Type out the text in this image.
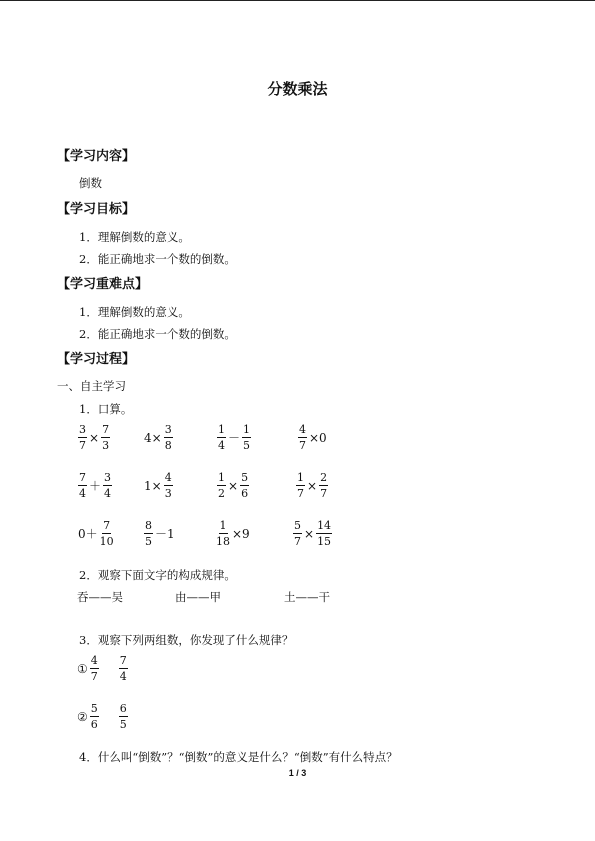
分数乘法
【学习内容】
倒数
【学习目标】
1．理解倒数的意义。
2．能正确地求一个数的倒数。
【学习重难点】
1．理解倒数的意义。
2．能正确地求一个数的倒数。
【学习过程】
一、自主学习
1．口算。
$\frac{3}{7} \times \frac{7}{3}$	$4\times \frac{3}{8}$	$\frac{1}{4} - \frac{1}{5}$	$\frac{4}{7} \times 0$
$\frac{7}{4} + \frac{3}{4}$	$1\times \frac{4}{3}$	$\frac{1}{2} \times \frac{5}{6}$	$\frac{1}{7} \times \frac{2}{7}$
$0+ \frac{7}{10}$	$\frac{8}{5} -1$	$\frac{1}{18} \times 9$	$\frac{5}{7} \times \frac{14}{15}$
2．观察下面文字的构成规律。
吞——吴	由——甲	土——干
3．观察下列两组数，你发现了什么规律？
① $\frac{4}{7} \frac{7}{4}$
② $\frac{5}{6} \frac{6}{5}$
4．什么叫“倒数”？“倒数”的意义是什么？“倒数”有什么特点？
1 / 3
